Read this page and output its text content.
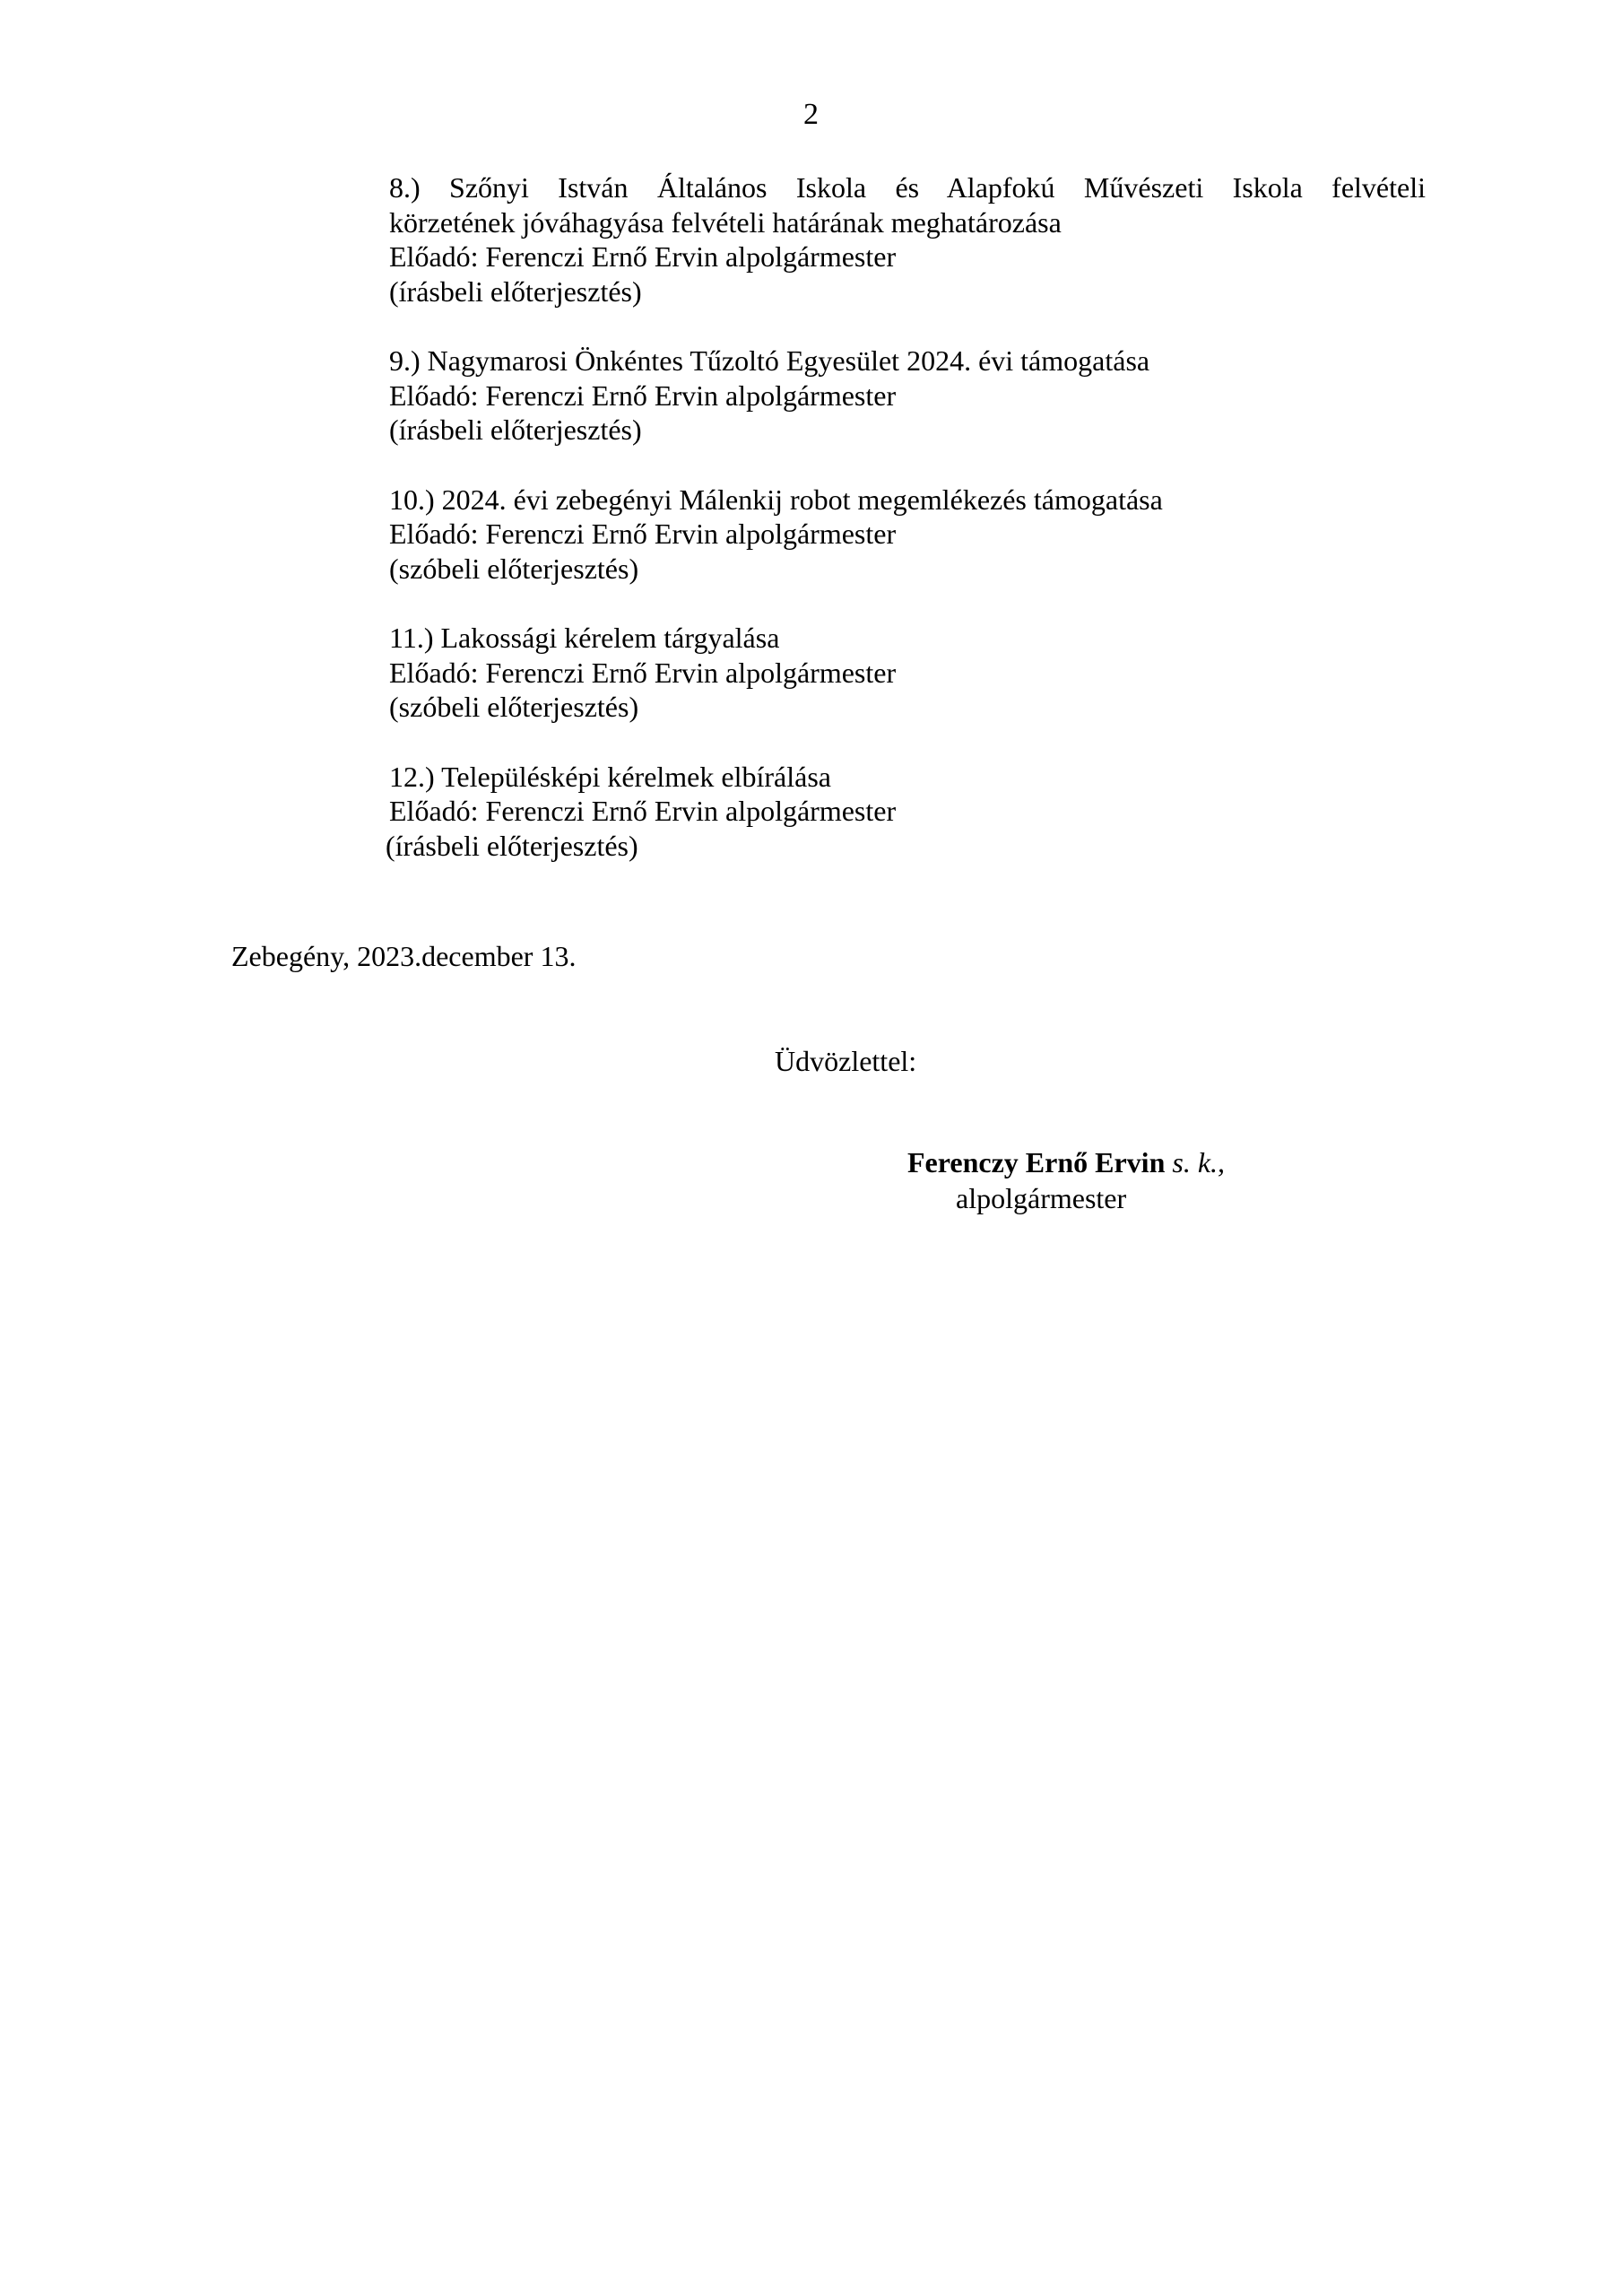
2
8.) Szőnyi István Általános Iskola és Alapfokú Művészeti Iskola felvételi
körzetének jóváhagyása felvételi határának meghatározása
Előadó: Ferenczi Ernő Ervin alpolgármester
(írásbeli előterjesztés)
9.) Nagymarosi Önkéntes Tűzoltó Egyesület 2024. évi támogatása
Előadó: Ferenczi Ernő Ervin alpolgármester
(írásbeli előterjesztés)
10.) 2024. évi zebegényi Málenkij robot megemlékezés támogatása
Előadó: Ferenczi Ernő Ervin alpolgármester
(szóbeli előterjesztés)
11.) Lakossági kérelem tárgyalása
Előadó: Ferenczi Ernő Ervin alpolgármester
(szóbeli előterjesztés)
12.) Településképi kérelmek elbírálása
Előadó: Ferenczi Ernő Ervin alpolgármester
(írásbeli előterjesztés)
Zebegény, 2023.december 13.
Üdvözlettel:
Ferenczy Ernő Ervin s. k.,
alpolgármester
